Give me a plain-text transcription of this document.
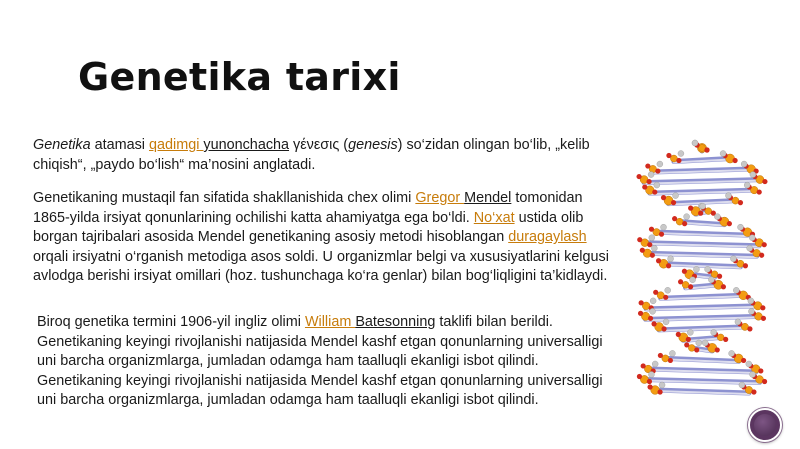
Genetika tarixi
Genetika atamasi qadimgi yunonchacha γένεσις (genesis) so‘zidan olingan bo‘lib, „kelib chiqish“, „paydo bo‘lish“ ma’nosini anglatadi.
Genetikaning mustaqil fan sifatida shakllanishida chex olimi Gregor Mendel tomonidan 1865-yilda irsiyat qonunlarining ochilishi katta ahamiyatga ega bo‘ldi. No‘xat ustida olib borgan tajribalari asosida Mendel genetikaning asosiy metodi hisoblangan duragaylash orqali irsiyatni o‘rganish metodiga asos soldi. U organizmlar belgi va xususiyatlarini kelgusi avlodga berishi irsiyat omillari (hoz. tushunchaga ko‘ra genlar) bilan bog‘liqligini ta’kidlaydi.
Biroq genetika termini 1906-yil ingliz olimi William Batesonning taklifi bilan berildi. Genetikaning keyingi rivojlanishi natijasida Mendel kashf etgan qonunlarning universalligi uni barcha organizmlarga, jumladan odamga ham taalluqli ekanligi isbot qilindi. Genetikaning keyingi rivojlanishi natijasida Mendel kashf etgan qonunlarning universalligi uni barcha organizmlarga, jumladan odamga ham taalluqli ekanligi isbot qilindi.
